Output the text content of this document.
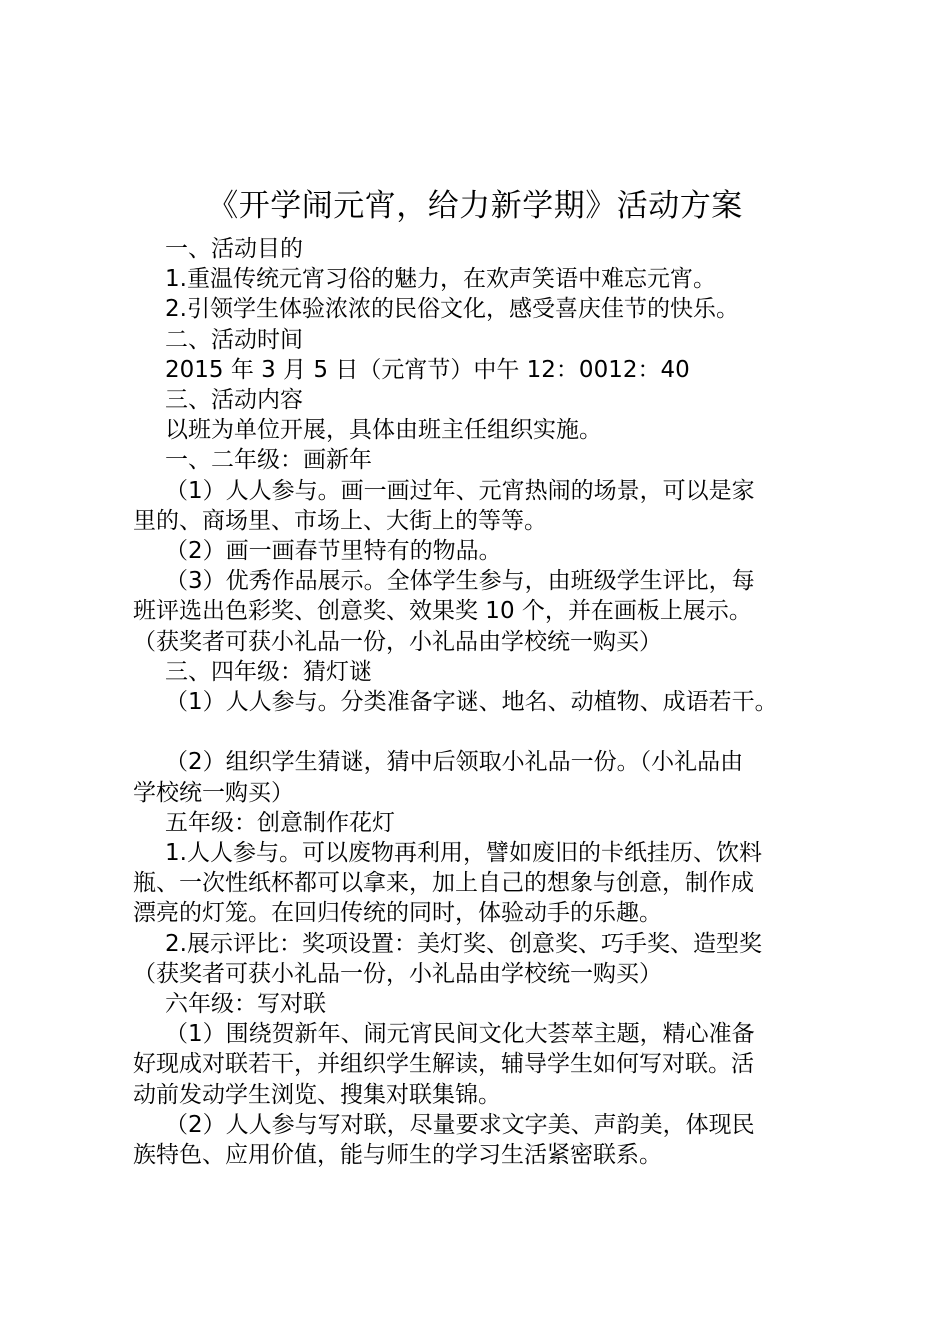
《开学闹元宵，给力新学期》活动方案

一、活动目的

1.重温传统元宵习俗的魅力，在欢声笑语中难忘元宵。

2.引领学生体验浓浓的民俗文化，感受喜庆佳节的快乐。

二、活动时间

2015 年 3 月 5 日（元宵节）中午 12：0012：40

三、活动内容

以班为单位开展，具体由班主任组织实施。

一、二年级：画新年

（1）人人参与。画一画过年、元宵热闹的场景，可以是家

里的、商场里、市场上、大街上的等等。

（2）画一画春节里特有的物品。

（3）优秀作品展示。全体学生参与，由班级学生评比，每

班评选出色彩奖、创意奖、效果奖 10 个，并在画板上展示。

（获奖者可获小礼品一份，小礼品由学校统一购买）

三、四年级：猜灯谜

（1）人人参与。分类准备字谜、地名、动植物、成语若干。

（2）组织学生猜谜，猜中后领取小礼品一份。（小礼品由

学校统一购买）

五年级：创意制作花灯

1.人人参与。可以废物再利用，譬如废旧的卡纸挂历、饮料

瓶、一次性纸杯都可以拿来，加上自己的想象与创意，制作成

漂亮的灯笼。在回归传统的同时，体验动手的乐趣。

2.展示评比：奖项设置：美灯奖、创意奖、巧手奖、造型奖

（获奖者可获小礼品一份，小礼品由学校统一购买）

六年级：写对联

（1）围绕贺新年、闹元宵民间文化大荟萃主题，精心准备

好现成对联若干，并组织学生解读，辅导学生如何写对联。活

动前发动学生浏览、搜集对联集锦。

（2）人人参与写对联，尽量要求文字美、声韵美，体现民

族特色、应用价值，能与师生的学习生活紧密联系。
